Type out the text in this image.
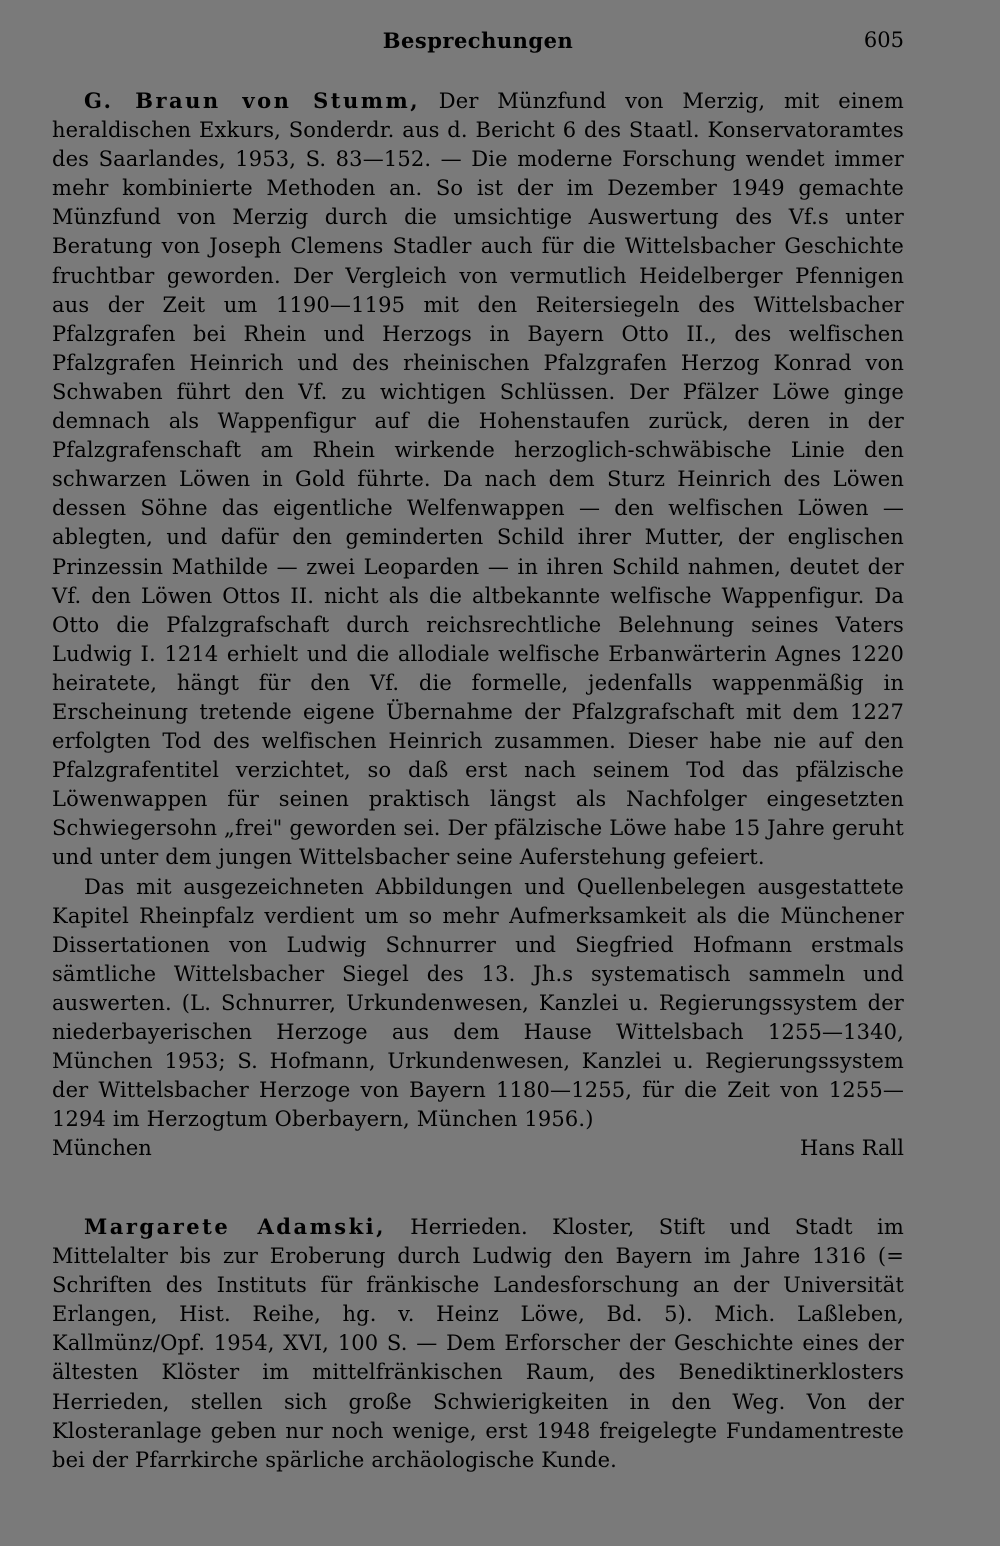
Besprechungen	605

G. Braun von Stumm, Der Münzfund von Merzig, mit einem heraldischen Exkurs, Sonderdr. aus d. Bericht 6 des Staatl. Konservatoramtes des Saarlandes, 1953, S. 83—152. — Die moderne Forschung wendet immer mehr kombinierte Methoden an. So ist der im Dezember 1949 gemachte Münzfund von Merzig durch die umsichtige Auswertung des Vf.s unter Beratung von Joseph Clemens Stadler auch für die Wittelsbacher Geschichte fruchtbar geworden. Der Vergleich von vermutlich Heidelberger Pfennigen aus der Zeit um 1190—1195 mit den Reitersiegeln des Wittelsbacher Pfalzgrafen bei Rhein und Herzogs in Bayern Otto II., des welfischen Pfalzgrafen Heinrich und des rheinischen Pfalzgrafen Herzog Konrad von Schwaben führt den Vf. zu wichtigen Schlüssen. Der Pfälzer Löwe ginge demnach als Wappenfigur auf die Hohenstaufen zurück, deren in der Pfalzgrafenschaft am Rhein wirkende herzoglich-schwäbische Linie den schwarzen Löwen in Gold führte. Da nach dem Sturz Heinrich des Löwen dessen Söhne das eigentliche Welfenwappen — den welfischen Löwen — ablegten, und dafür den geminderten Schild ihrer Mutter, der englischen Prinzessin Mathilde — zwei Leoparden — in ihren Schild nahmen, deutet der Vf. den Löwen Ottos II. nicht als die altbekannte welfische Wappenfigur. Da Otto die Pfalzgrafschaft durch reichsrechtliche Belehnung seines Vaters Ludwig I. 1214 erhielt und die allodiale welfische Erbanwärterin Agnes 1220 heiratete, hängt für den Vf. die formelle, jedenfalls wappenmäßig in Erscheinung tretende eigene Übernahme der Pfalzgrafschaft mit dem 1227 erfolgten Tod des welfischen Heinrich zusammen. Dieser habe nie auf den Pfalzgrafentitel verzichtet, so daß erst nach seinem Tod das pfälzische Löwenwappen für seinen praktisch längst als Nachfolger eingesetzten Schwiegersohn „frei" geworden sei. Der pfälzische Löwe habe 15 Jahre geruht und unter dem jungen Wittelsbacher seine Auferstehung gefeiert.

Das mit ausgezeichneten Abbildungen und Quellenbelegen ausgestattete Kapitel Rheinpfalz verdient um so mehr Aufmerksamkeit als die Münchener Dissertationen von Ludwig Schnurrer und Siegfried Hofmann erstmals sämtliche Wittelsbacher Siegel des 13. Jh.s systematisch sammeln und auswerten. (L. Schnurrer, Urkundenwesen, Kanzlei u. Regierungssystem der niederbayerischen Herzoge aus dem Hause Wittelsbach 1255—1340, München 1953; S. Hofmann, Urkundenwesen, Kanzlei u. Regierungssystem der Wittelsbacher Herzoge von Bayern 1180—1255, für die Zeit von 1255—1294 im Herzogtum Oberbayern, München 1956.)

München	Hans Rall

Margarete Adamski, Herrieden. Kloster, Stift und Stadt im Mittelalter bis zur Eroberung durch Ludwig den Bayern im Jahre 1316 (= Schriften des Instituts für fränkische Landesforschung an der Universität Erlangen, Hist. Reihe, hg. v. Heinz Löwe, Bd. 5). Mich. Laßleben, Kallmünz/Opf. 1954, XVI, 100 S. — Dem Erforscher der Geschichte eines der ältesten Klöster im mittelfränkischen Raum, des Benediktinerklosters Herrieden, stellen sich große Schwierigkeiten in den Weg. Von der Klosteranlage geben nur noch wenige, erst 1948 freigelegte Fundamentreste bei der Pfarrkirche spärliche archäologische Kunde.
